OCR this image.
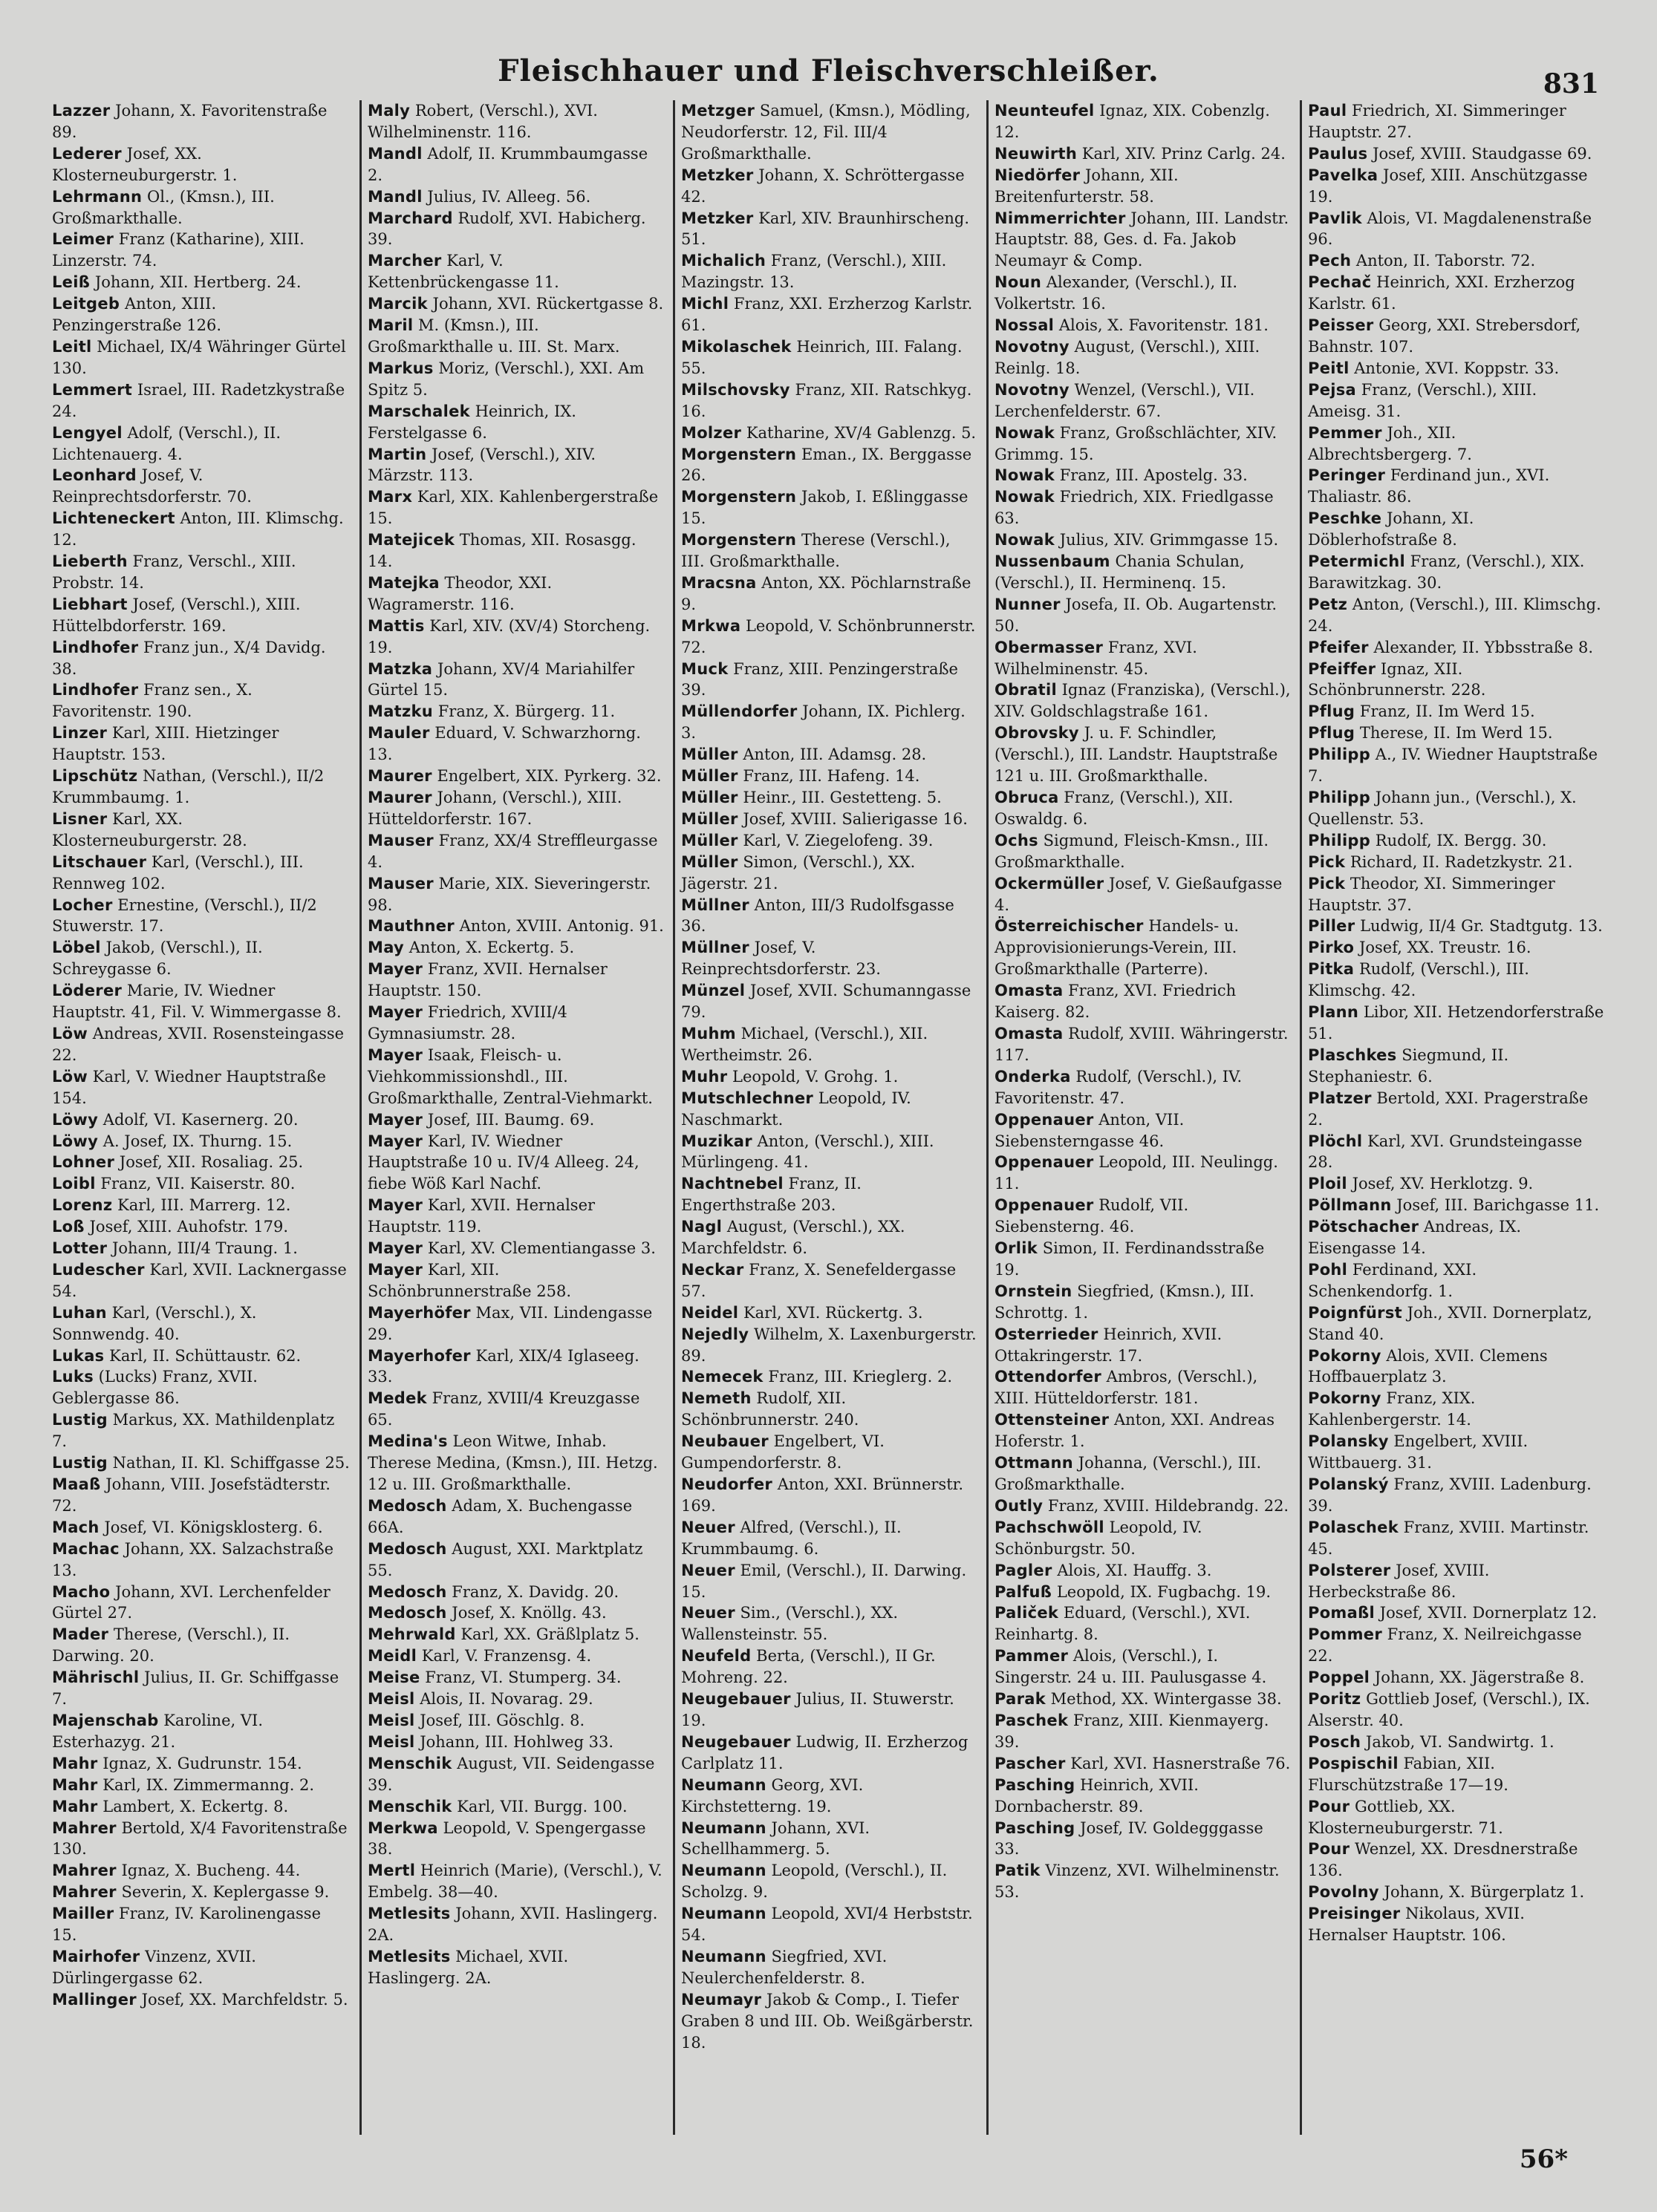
Fleischhauer und Fleischverschleißer.	831
Lazzer Johann, X. Favoritenstraße 89.
Lederer Josef, XX. Klosterneuburgerstr. 1.
Lehrmann Ol., (Kmsn.), III. Großmarkthalle.
Leimer Franz (Katharine), XIII. Linzerstr. 74.
Leiß Johann, XII. Hertberg. 24.
Leitgeb Anton, XIII. Penzingerstraße 126.
Leitl Michael, IX/4 Währinger Gürtel 130.
Lemmert Israel, III. Radetzkystraße 24.
Lengyel Adolf, (Verschl.), II. Lichtenauerg. 4.
Leonhard Josef, V. Reinprechtsdorferstr. 70.
Lichteneckert Anton, III. Klimschg. 12.
Lieberth Franz, Verschl., XIII. Probstr. 14.
Liebhart Josef, (Verschl.), XIII. Hüttelbdorferstr. 169.
Lindhofer Franz jun., X/4 Davidg. 38.
Lindhofer Franz sen., X. Favoritenstr. 190.
Linzer Karl, XIII. Hietzinger Hauptstr. 153.
Lipschütz Nathan, (Verschl.), II/2 Krummbaumg. 1.
Lisner Karl, XX. Klosterneuburgerstr. 28.
Litschauer Karl, (Verschl.), III. Rennweg 102.
Locher Ernestine, (Verschl.), II/2 Stuwerstr. 17.
Löbel Jakob, (Verschl.), II. Schreygasse 6.
Löderer Marie, IV. Wiedner Hauptstr. 41, Fil. V. Wimmergasse 8.
Löw Andreas, XVII. Rosensteingasse 22.
Löw Karl, V. Wiedner Hauptstraße 154.
Löwy Adolf, VI. Kasernerg. 20.
Löwy A. Josef, IX. Thurng. 15.
Lohner Josef, XII. Rosaliag. 25.
Loibl Franz, VII. Kaiserstr. 80.
Lorenz Karl, III. Marrerg. 12.
Loß Josef, XIII. Auhofstr. 179.
Lotter Johann, III/4 Traung. 1.
Ludescher Karl, XVII. Lacknergasse 54.
Luhan Karl, (Verschl.), X. Sonnwendg. 40.
Lukas Karl, II. Schüttaustr. 62.
Luks (Lucks) Franz, XVII. Geblergasse 86.
Lustig Markus, XX. Mathildenplatz 7.
Lustig Nathan, II. Kl. Schiffgasse 25.
Maaß Johann, VIII. Josefstädterstr. 72.
Mach Josef, VI. Königsklosterg. 6.
Machac Johann, XX. Salzachstraße 13.
Macho Johann, XVI. Lerchenfelder Gürtel 27.
Mader Therese, (Verschl.), II. Darwing. 20.
Mährischl Julius, II. Gr. Schiffgasse 7.
Majenschab Karoline, VI. Esterhazyg. 21.
Mahr Ignaz, X. Gudrunstr. 154.
Mahr Karl, IX. Zimmermanng. 2.
Mahr Lambert, X. Eckertg. 8.
Mahrer Bertold, X/4 Favoritenstraße 130.
Mahrer Ignaz, X. Bucheng. 44.
Mahrer Severin, X. Keplergasse 9.
Mailler Franz, IV. Karolinengasse 15.
Mairhofer Vinzenz, XVII. Dürlingergasse 62.
Mallinger Josef, XX. Marchfeldstr. 5.
Maly Robert, (Verschl.), XVI. Wilhelminenstr. 116.
Mandl Adolf, II. Krummbaumgasse 2.
Mandl Julius, IV. Alleeg. 56.
Marchard Rudolf, XVI. Habicherg. 39.
Marcher Karl, V. Kettenbrückengasse 11.
Marcik Johann, XVI. Rückertgasse 8.
Maril M. (Kmsn.), III. Großmarkthalle u. III. St. Marx.
Markus Moriz, (Verschl.), XXI. Am Spitz 5.
Marschalek Heinrich, IX. Ferstelgasse 6.
Martin Josef, (Verschl.), XIV. Märzstr. 113.
Marx Karl, XIX. Kahlenbergerstraße 15.
Matejicek Thomas, XII. Rosasgg. 14.
Matejka Theodor, XXI. Wagramerstr. 116.
Mattis Karl, XIV. (XV/4) Storcheng. 19.
Matzka Johann, XV/4 Mariahilfer Gürtel 15.
Matzku Franz, X. Bürgerg. 11.
Mauler Eduard, V. Schwarzhorng. 13.
Maurer Engelbert, XIX. Pyrkerg. 32.
Maurer Johann, (Verschl.), XIII. Hütteldorferstr. 167.
Mauser Franz, XX/4 Streffleurgasse 4.
Mauser Marie, XIX. Sieveringerstr. 98.
Mauthner Anton, XVIII. Antonig. 91.
May Anton, X. Eckertg. 5.
Mayer Franz, XVII. Hernalser Hauptstr. 150.
Mayer Friedrich, XVIII/4 Gymnasiumstr. 28.
Mayer Isaak, Fleisch- u. Viehkommissionshdl., III. Großmarkthalle, Zentral-Viehmarkt.
Mayer Josef, III. Baumg. 69.
Mayer Karl, IV. Wiedner Hauptstraße 10 u. IV/4 Alleeg. 24, fiebe Wöß Karl Nachf.
Mayer Karl, XVII. Hernalser Hauptstr. 119.
Mayer Karl, XV. Clementiangasse 3.
Mayer Karl, XII. Schönbrunnerstraße 258.
Mayerhöfer Max, VII. Lindengasse 29.
Mayerhofer Karl, XIX/4 Iglaseeg. 33.
Medek Franz, XVIII/4 Kreuzgasse 65.
Medina's Leon Witwe, Inhab. Therese Medina, (Kmsn.), III. Hetzg. 12 u. III. Großmarkthalle.
Medosch Adam, X. Buchengasse 66A.
Medosch August, XXI. Marktplatz 55.
Medosch Franz, X. Davidg. 20.
Medosch Josef, X. Knöllg. 43.
Mehrwald Karl, XX. Gräßlplatz 5.
Meidl Karl, V. Franzensg. 4.
Meise Franz, VI. Stumperg. 34.
Meisl Alois, II. Novarag. 29.
Meisl Josef, III. Göschlg. 8.
Meisl Johann, III. Hohlweg 33.
Menschik August, VII. Seidengasse 39.
Menschik Karl, VII. Burgg. 100.
Merkwa Leopold, V. Spengergasse 38.
Mertl Heinrich (Marie), (Verschl.), V. Embelg. 38—40.
Metlesits Johann, XVII. Haslingerg. 2A.
Metlesits Michael, XVII. Haslingerg. 2A.
Metzger Samuel, (Kmsn.), Mödling, Neudorferstr. 12, Fil. III/4 Großmarkthalle.
Metzker Johann, X. Schröttergasse 42.
Metzker Karl, XIV. Braunhirscheng. 51.
Michalich Franz, (Verschl.), XIII. Mazingstr. 13.
Michl Franz, XXI. Erzherzog Karlstr. 61.
Mikolaschek Heinrich, III. Falang. 55.
Milschovsky Franz, XII. Ratschkyg. 16.
Molzer Katharine, XV/4 Gablenzg. 5.
Morgenstern Eman., IX. Berggasse 26.
Morgenstern Jakob, I. Eßlinggasse 15.
Morgenstern Therese (Verschl.), III. Großmarkthalle.
Mracsna Anton, XX. Pöchlarnstraße 9.
Mrkwa Leopold, V. Schönbrunnerstr. 72.
Muck Franz, XIII. Penzingerstraße 39.
Müllendorfer Johann, IX. Pichlerg. 3.
Müller Anton, III. Adamsg. 28.
Müller Franz, III. Hafeng. 14.
Müller Heinr., III. Gestetteng. 5.
Müller Josef, XVIII. Salierigasse 16.
Müller Karl, V. Ziegelofeng. 39.
Müller Simon, (Verschl.), XX. Jägerstr. 21.
Müllner Anton, III/3 Rudolfsgasse 36.
Müllner Josef, V. Reinprechtsdorferstr. 23.
Münzel Josef, XVII. Schumanngasse 79.
Muhm Michael, (Verschl.), XII. Wertheimstr. 26.
Muhr Leopold, V. Grohg. 1.
Mutschlechner Leopold, IV. Naschmarkt.
Muzikar Anton, (Verschl.), XIII. Mürlingeng. 41.
Nachtnebel Franz, II. Engerthstraße 203.
Nagl August, (Verschl.), XX. Marchfeldstr. 6.
Neckar Franz, X. Senefeldergasse 57.
Neidel Karl, XVI. Rückertg. 3.
Nejedly Wilhelm, X. Laxenburgerstr. 89.
Nemecek Franz, III. Krieglerg. 2.
Nemeth Rudolf, XII. Schönbrunnerstr. 240.
Neubauer Engelbert, VI. Gumpendorferstr. 8.
Neudorfer Anton, XXI. Brünnerstr. 169.
Neuer Alfred, (Verschl.), II. Krummbaumg. 6.
Neuer Emil, (Verschl.), II. Darwing. 15.
Neuer Sim., (Verschl.), XX. Wallensteinstr. 55.
Neufeld Berta, (Verschl.), II Gr. Mohreng. 22.
Neugebauer Julius, II. Stuwerstr. 19.
Neugebauer Ludwig, II. Erzherzog Carlplatz 11.
Neumann Georg, XVI. Kirchstetterng. 19.
Neumann Johann, XVI. Schellhammerg. 5.
Neumann Leopold, (Verschl.), II. Scholzg. 9.
Neumann Leopold, XVI/4 Herbststr. 54.
Neumann Siegfried, XVI. Neulerchenfelderstr. 8.
Neumayr Jakob & Comp., I. Tiefer Graben 8 und III. Ob. Weißgärberstr. 18.
Neunteufel Ignaz, XIX. Cobenzlg. 12.
Neuwirth Karl, XIV. Prinz Carlg. 24.
Niedörfer Johann, XII. Breitenfurterstr. 58.
Nimmerrichter Johann, III. Landstr. Hauptstr. 88, Ges. d. Fa. Jakob Neumayr & Comp.
Noun Alexander, (Verschl.), II. Volkertstr. 16.
Nossal Alois, X. Favoritenstr. 181.
Novotny August, (Verschl.), XIII. Reinlg. 18.
Novotny Wenzel, (Verschl.), VII. Lerchenfelderstr. 67.
Nowak Franz, Großschlächter, XIV. Grimmg. 15.
Nowak Franz, III. Apostelg. 33.
Nowak Friedrich, XIX. Friedlgasse 63.
Nowak Julius, XIV. Grimmgasse 15.
Nussenbaum Chania Schulan, (Verschl.), II. Herminenq. 15.
Nunner Josefa, II. Ob. Augartenstr. 50.
Obermasser Franz, XVI. Wilhelminenstr. 45.
Obratil Ignaz (Franziska), (Verschl.), XIV. Goldschlagstraße 161.
Obrovsky J. u. F. Schindler, (Verschl.), III. Landstr. Hauptstraße 121 u. III. Großmarkthalle.
Obruca Franz, (Verschl.), XII. Oswaldg. 6.
Ochs Sigmund, Fleisch-Kmsn., III. Großmarkthalle.
Ockermüller Josef, V. Gießaufgasse 4.
Österreichischer Handels- u. Approvisionierungs-Verein, III. Großmarkthalle (Parterre).
Omasta Franz, XVI. Friedrich Kaiserg. 82.
Omasta Rudolf, XVIII. Währingerstr. 117.
Onderka Rudolf, (Verschl.), IV. Favoritenstr. 47.
Oppenauer Anton, VII. Siebensterngasse 46.
Oppenauer Leopold, III. Neulingg. 11.
Oppenauer Rudolf, VII. Siebensterng. 46.
Orlik Simon, II. Ferdinandsstraße 19.
Ornstein Siegfried, (Kmsn.), III. Schrottg. 1.
Osterrieder Heinrich, XVII. Ottakringerstr. 17.
Ottendorfer Ambros, (Verschl.), XIII. Hütteldorferstr. 181.
Ottensteiner Anton, XXI. Andreas Hoferstr. 1.
Ottmann Johanna, (Verschl.), III. Großmarkthalle.
Outly Franz, XVIII. Hildebrandg. 22.
Pachschwöll Leopold, IV. Schönburgstr. 50.
Pagler Alois, XI. Hauffg. 3.
Palfuß Leopold, IX. Fugbachg. 19.
Paliček Eduard, (Verschl.), XVI. Reinhartg. 8.
Pammer Alois, (Verschl.), I. Singerstr. 24 u. III. Paulusgasse 4.
Parak Method, XX. Wintergasse 38.
Paschek Franz, XIII. Kienmayerg. 39.
Pascher Karl, XVI. Hasnerstraße 76.
Pasching Heinrich, XVII. Dornbacherstr. 89.
Pasching Josef, IV. Goldegggasse 33.
Patik Vinzenz, XVI. Wilhelminenstr. 53.
Paul Friedrich, XI. Simmeringer Hauptstr. 27.
Paulus Josef, XVIII. Staudgasse 69.
Pavelka Josef, XIII. Anschützgasse 19.
Pavlik Alois, VI. Magdalenenstraße 96.
Pech Anton, II. Taborstr. 72.
Pechač Heinrich, XXI. Erzherzog Karlstr. 61.
Peisser Georg, XXI. Strebersdorf, Bahnstr. 107.
Peitl Antonie, XVI. Koppstr. 33.
Pejsa Franz, (Verschl.), XIII. Ameisg. 31.
Pemmer Joh., XII. Albrechtsbergerg. 7.
Peringer Ferdinand jun., XVI. Thaliastr. 86.
Peschke Johann, XI. Döblerhofstraße 8.
Petermichl Franz, (Verschl.), XIX. Barawitzkag. 30.
Petz Anton, (Verschl.), III. Klimschg. 24.
Pfeifer Alexander, II. Ybbsstraße 8.
Pfeiffer Ignaz, XII. Schönbrunnerstr. 228.
Pflug Franz, II. Im Werd 15.
Pflug Therese, II. Im Werd 15.
Philipp A., IV. Wiedner Hauptstraße 7.
Philipp Johann jun., (Verschl.), X. Quellenstr. 53.
Philipp Rudolf, IX. Bergg. 30.
Pick Richard, II. Radetzkystr. 21.
Pick Theodor, XI. Simmeringer Hauptstr. 37.
Piller Ludwig, II/4 Gr. Stadtgutg. 13.
Pirko Josef, XX. Treustr. 16.
Pitka Rudolf, (Verschl.), III. Klimschg. 42.
Plann Libor, XII. Hetzendorferstraße 51.
Plaschkes Siegmund, II. Stephaniestr. 6.
Platzer Bertold, XXI. Pragerstraße 2.
Plöchl Karl, XVI. Grundsteingasse 28.
Ploil Josef, XV. Herklotzg. 9.
Pöllmann Josef, III. Barichgasse 11.
Pötschacher Andreas, IX. Eisengasse 14.
Pohl Ferdinand, XXI. Schenkendorfg. 1.
Poignfürst Joh., XVII. Dornerplatz, Stand 40.
Pokorny Alois, XVII. Clemens Hoffbauerplatz 3.
Pokorny Franz, XIX. Kahlenbergerstr. 14.
Polansky Engelbert, XVIII. Wittbauerg. 31.
Polanský Franz, XVIII. Ladenburg. 39.
Polaschek Franz, XVIII. Martinstr. 45.
Polsterer Josef, XVIII. Herbeckstraße 86.
Pomaßl Josef, XVII. Dornerplatz 12.
Pommer Franz, X. Neilreichgasse 22.
Poppel Johann, XX. Jägerstraße 8.
Poritz Gottlieb Josef, (Verschl.), IX. Alserstr. 40.
Posch Jakob, VI. Sandwirtg. 1.
Pospischil Fabian, XII. Flurschützstraße 17—19.
Pour Gottlieb, XX. Klosterneuburgerstr. 71.
Pour Wenzel, XX. Dresdnerstraße 136.
Povolny Johann, X. Bürgerplatz 1.
Preisinger Nikolaus, XVII. Hernalser Hauptstr. 106.
56*
